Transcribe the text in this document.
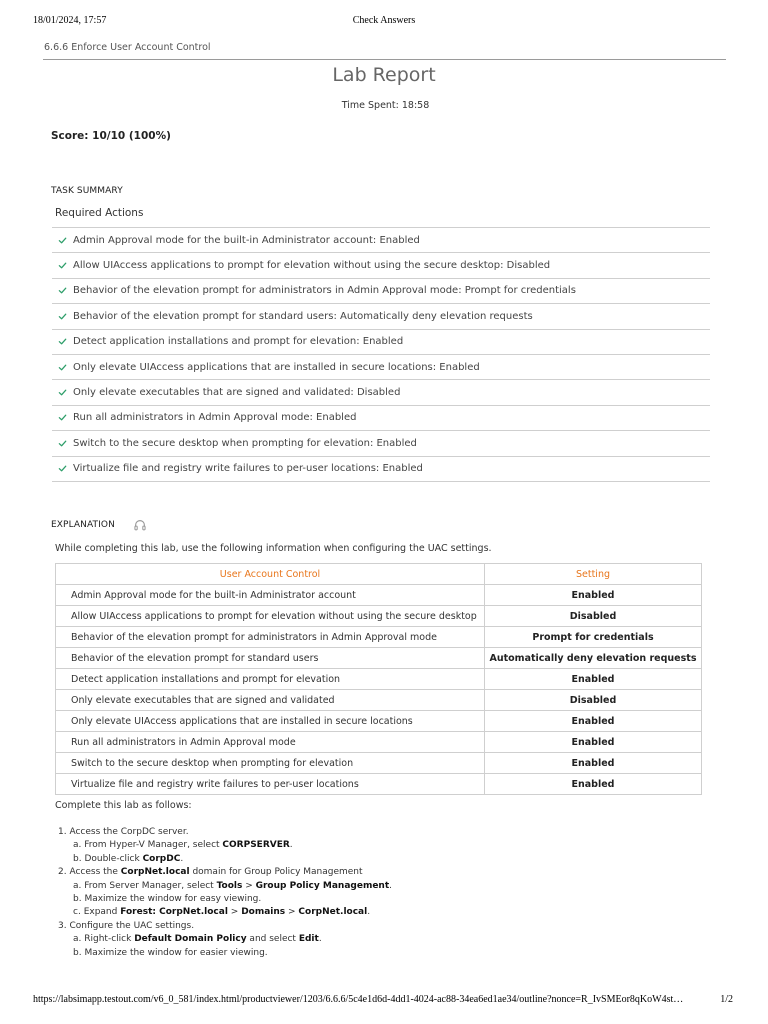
18/01/2024, 17:57	Check Answers
6.6.6 Enforce User Account Control
Lab Report
Time Spent: 18:58
Score: 10/10 (100%)
TASK SUMMARY
Required Actions
Admin Approval mode for the built-in Administrator account: Enabled
Allow UIAccess applications to prompt for elevation without using the secure desktop: Disabled
Behavior of the elevation prompt for administrators in Admin Approval mode: Prompt for credentials
Behavior of the elevation prompt for standard users: Automatically deny elevation requests
Detect application installations and prompt for elevation: Enabled
Only elevate UIAccess applications that are installed in secure locations: Enabled
Only elevate executables that are signed and validated: Disabled
Run all administrators in Admin Approval mode: Enabled
Switch to the secure desktop when prompting for elevation: Enabled
Virtualize file and registry write failures to per-user locations: Enabled
EXPLANATION
While completing this lab, use the following information when configuring the UAC settings.
User Account Control	Setting
Admin Approval mode for the built-in Administrator account	Enabled
Allow UIAccess applications to prompt for elevation without using the secure desktop	Disabled
Behavior of the elevation prompt for administrators in Admin Approval mode	Prompt for credentials
Behavior of the elevation prompt for standard users	Automatically deny elevation requests
Detect application installations and prompt for elevation	Enabled
Only elevate executables that are signed and validated	Disabled
Only elevate UIAccess applications that are installed in secure locations	Enabled
Run all administrators in Admin Approval mode	Enabled
Switch to the secure desktop when prompting for elevation	Enabled
Virtualize file and registry write failures to per-user locations	Enabled
Complete this lab as follows:
1. Access the CorpDC server.
a. From Hyper-V Manager, select CORPSERVER.
b. Double-click CorpDC.
2. Access the CorpNet.local domain for Group Policy Management
a. From Server Manager, select Tools > Group Policy Management.
b. Maximize the window for easy viewing.
c. Expand Forest: CorpNet.local > Domains > CorpNet.local.
3. Configure the UAC settings.
a. Right-click Default Domain Policy and select Edit.
b. Maximize the window for easier viewing.
https://labsimapp.testout.com/v6_0_581/index.html/productviewer/1203/6.6.6/5c4e1d6d-4dd1-4024-ac88-34ea6ed1ae34/outline?nonce=R_IvSMEor8qKoW4st…	1/2
